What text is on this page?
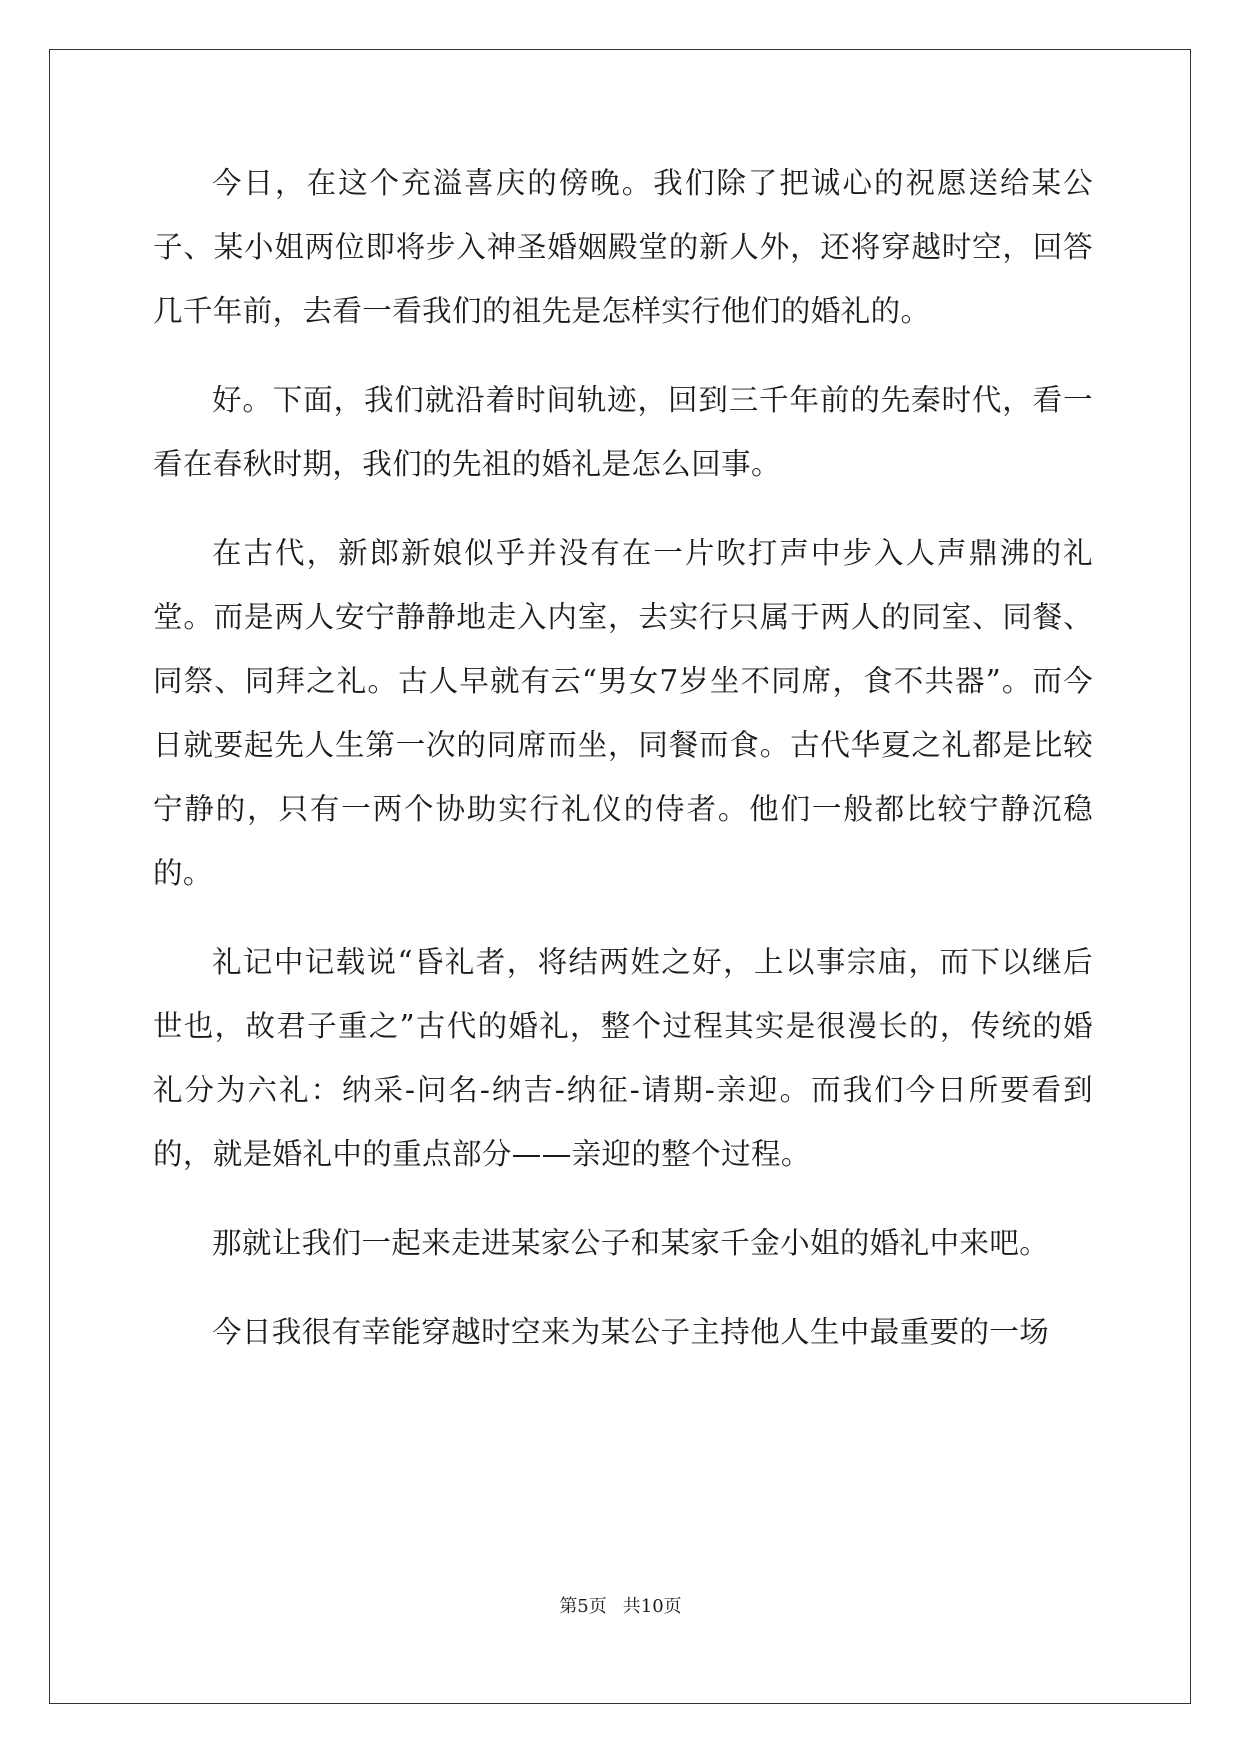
今日，在这个充溢喜庆的傍晚。我们除了把诚心的祝愿送给某公子、某小姐两位即将步入神圣婚姻殿堂的新人外，还将穿越时空，回答几千年前，去看一看我们的祖先是怎样实行他们的婚礼的。

好。下面，我们就沿着时间轨迹，回到三千年前的先秦时代，看一看在春秋时期，我们的先祖的婚礼是怎么回事。

在古代，新郎新娘似乎并没有在一片吹打声中步入人声鼎沸的礼堂。而是两人安宁静静地走入内室，去实行只属于两人的同室、同餐、同祭、同拜之礼。古人早就有云“男女7岁坐不同席，食不共器”。而今日就要起先人生第一次的同席而坐，同餐而食。古代华夏之礼都是比较宁静的，只有一两个协助实行礼仪的侍者。他们一般都比较宁静沉稳的。

礼记中记载说“昏礼者，将结两姓之好，上以事宗庙，而下以继后世也，故君子重之”古代的婚礼，整个过程其实是很漫长的，传统的婚礼分为六礼：纳采-问名-纳吉-纳征-请期-亲迎。而我们今日所要看到的，就是婚礼中的重点部分——亲迎的整个过程。

那就让我们一起来走进某家公子和某家千金小姐的婚礼中来吧。

今日我很有幸能穿越时空来为某公子主持他人生中最重要的一场

第5页 共10页
